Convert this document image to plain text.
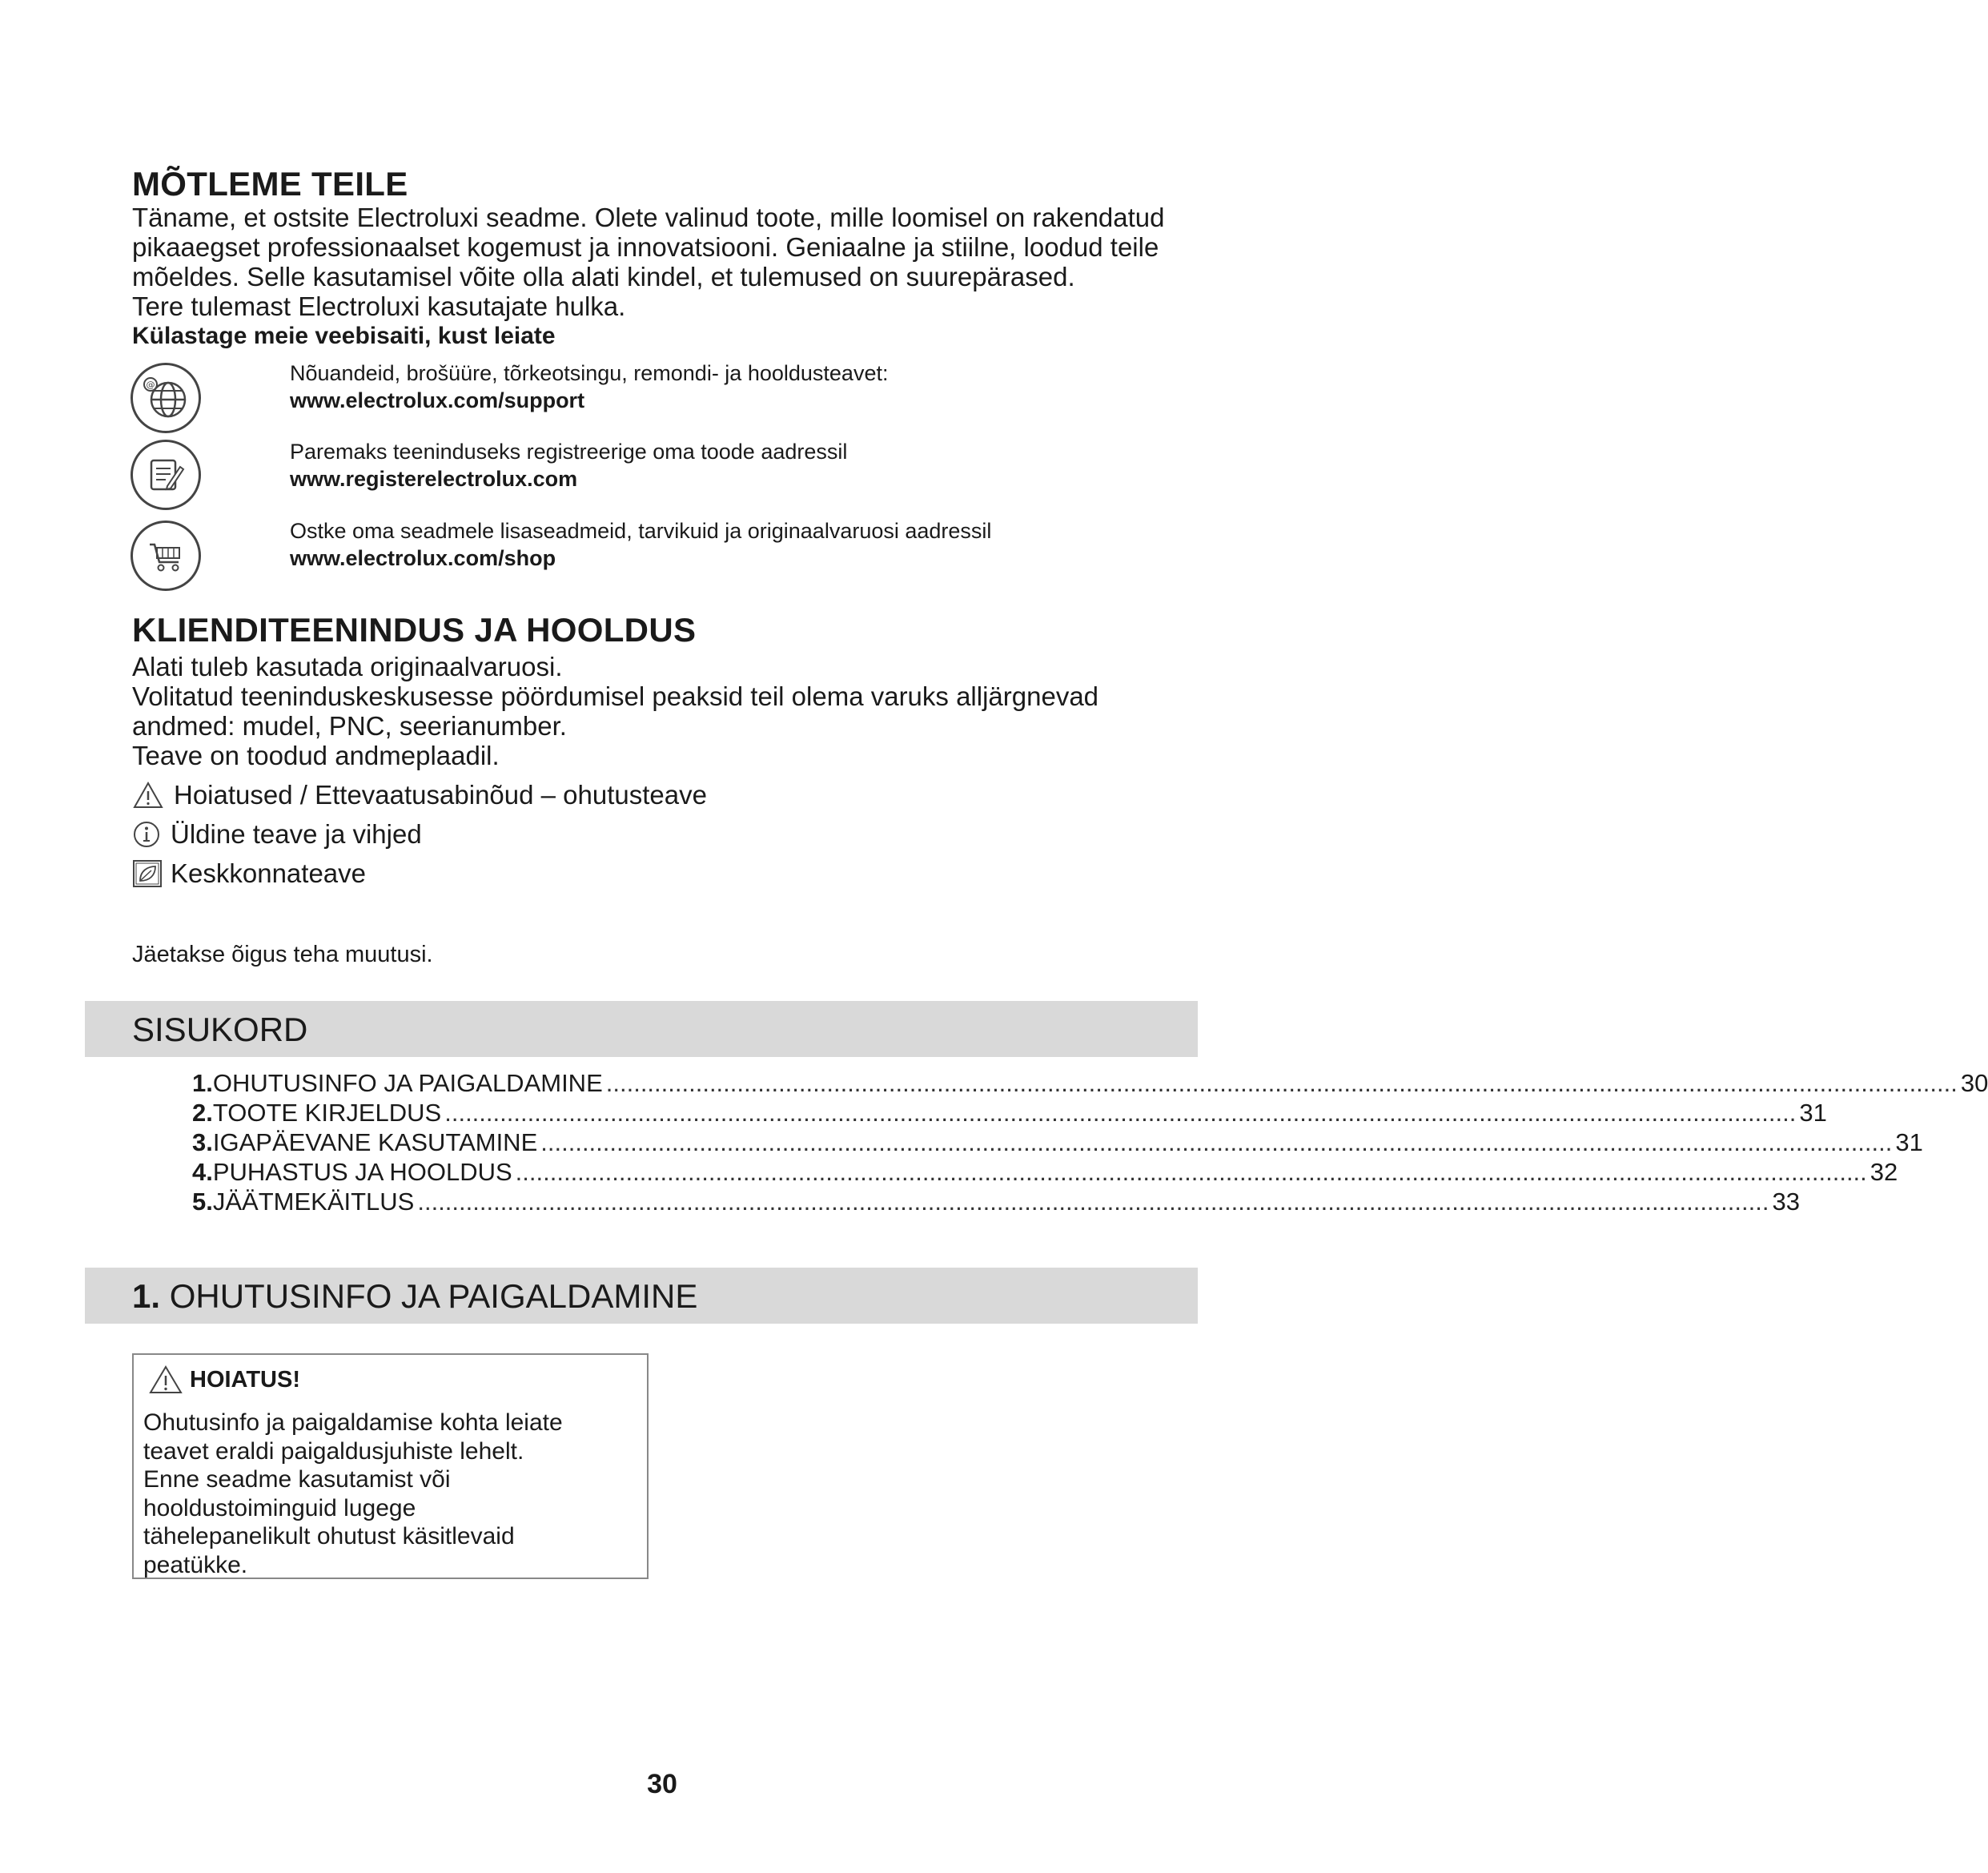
MÕTLEME TEILE
Täname, et ostsite Electroluxi seadme. Olete valinud toote, mille loomisel on rakendatud
pikaaegset professionaalset kogemust ja innovatsiooni. Geniaalne ja stiilne, loodud teile
mõeldes. Selle kasutamisel võite olla alati kindel, et tulemused on suurepärased.
Tere tulemast Electroluxi kasutajate hulka.
Külastage meie veebisaiti, kust leiate
@	Nõuandeid, brošüüre, tõrkeotsingu, remondi- ja hooldusteavet:
www.electrolux.com/support
Paremaks teeninduseks registreerige oma toode aadressil
www.registerelectrolux.com
Ostke oma seadmele lisaseadmeid, tarvikuid ja originaalvaruosi aadressil
www.electrolux.com/shop
KLIENDITEENINDUS JA HOOLDUS
Alati tuleb kasutada originaalvaruosi.
Volitatud teeninduskeskusesse pöördumisel peaksid teil olema varuks alljärgnevad
andmed: mudel, PNC, seerianumber.
Teave on toodud andmeplaadil.
Hoiatused / Ettevaatusabinõud – ohutusteave
Üldine teave ja vihjed
Keskkonnateave
Jäetakse õigus teha muutusi.
SISUKORD
1. OHUTUSINFO JA PAIGALDAMINE .................................................................................................................................................................................................... 30
2. TOOTE KIRJELDUS .................................................................................................................................................................................................... 31
3. IGAPÄEVANE KASUTAMINE .................................................................................................................................................................................................... 31
4. PUHASTUS JA HOOLDUS .................................................................................................................................................................................................... 32
5. JÄÄTMEKÄITLUS .................................................................................................................................................................................................... 33
1. OHUTUSINFO JA PAIGALDAMINE
HOIATUS!
Ohutusinfo ja paigaldamise kohta leiate
teavet eraldi paigaldusjuhiste lehelt.
Enne seadme kasutamist või
hooldustoiminguid lugege
tähelepanelikult ohutust käsitlevaid
peatükke.
30
